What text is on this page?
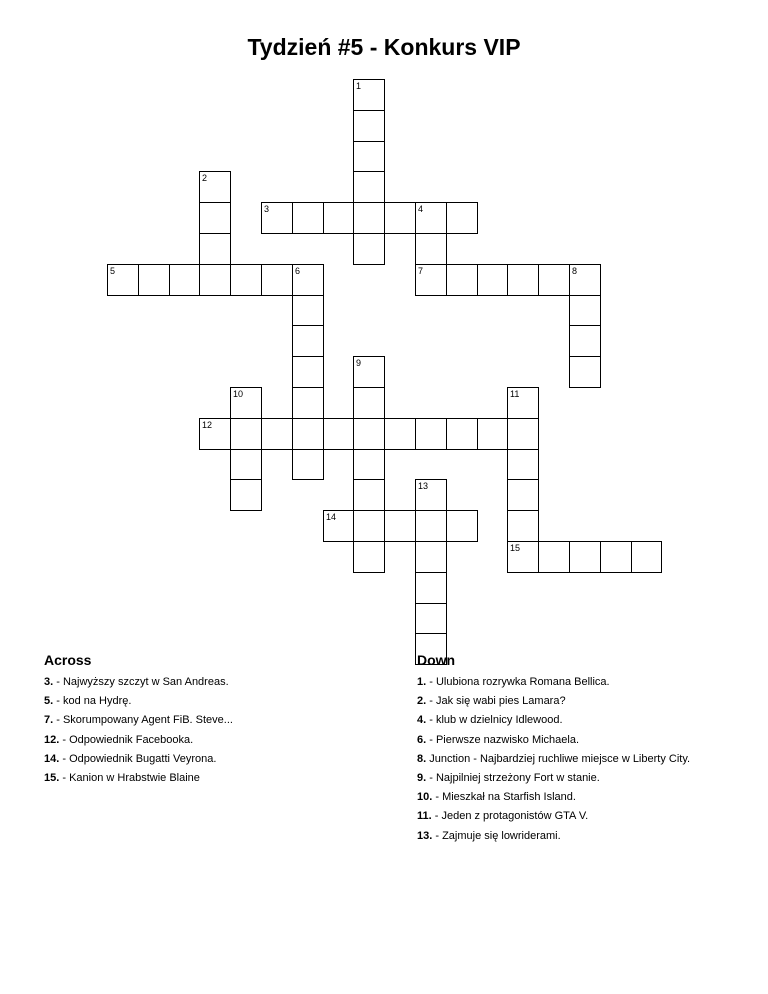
Tydzień #5 - Konkurs VIP
1
2
3	4
7
5	6	8
9
10	11
15
12
13
14
Across	Down
3. - Najwyższy szczyt w San Andreas.
5. - kod na Hydrę.
7. - Skorumpowany Agent FiB. Steve...
12. - Odpowiednik Facebooka.
14. - Odpowiednik Bugatti Veyrona.
15. - Kanion w Hrabstwie Blaine
1. - Ulubiona rozrywka Romana Bellica.
2. - Jak się wabi pies Lamara?
4. - klub w dzielnicy Idlewood.
6. - Pierwsze nazwisko Michaela.
8. Junction - Najbardziej ruchliwe miejsce w Liberty City.
9. - Najpilniej strzeżony Fort w stanie.
10. - Mieszkał na Starfish Island.
11. - Jeden z protagonistów GTA V.
13. - Zajmuje się lowriderami.
